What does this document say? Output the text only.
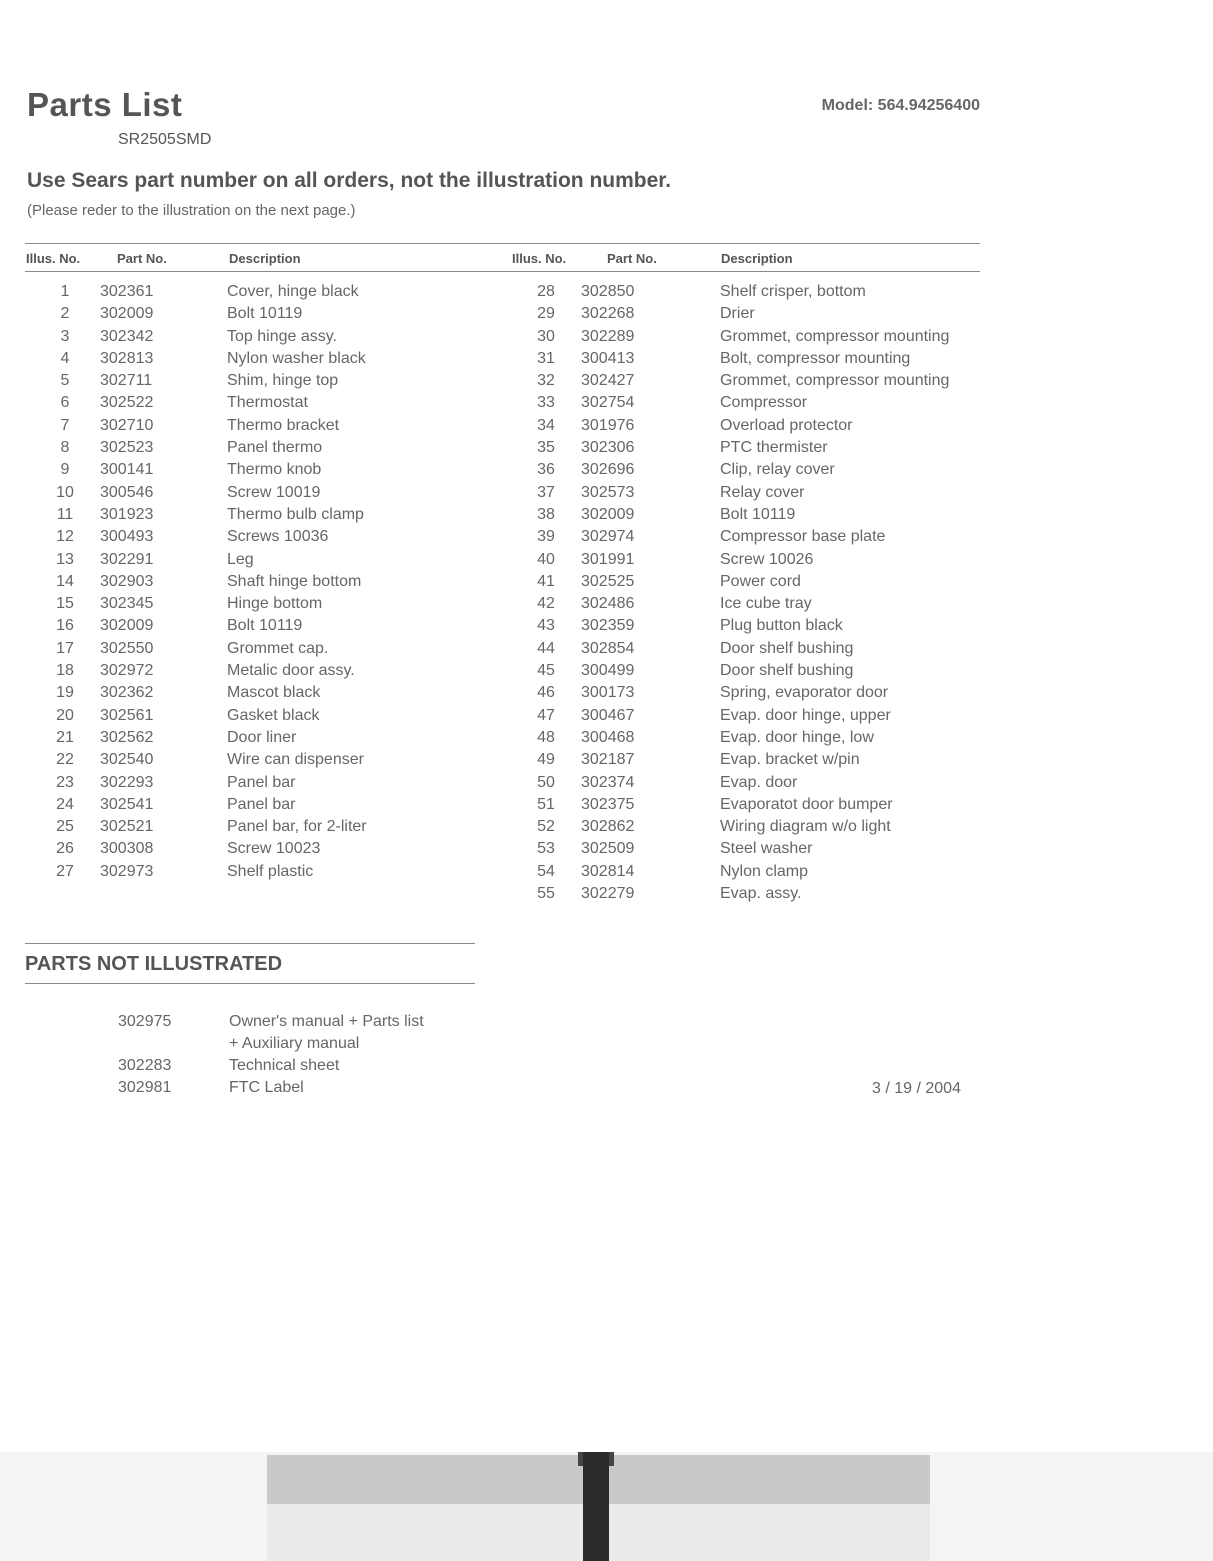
Parts List
SR2505SMD
Model: 564.94256400
Use Sears part number on all orders, not the illustration number.
(Please reder to the illustration on the next page.)
Illus. No.	Part No.	Description	Illus. No.	Part No.	Description
1	302361	Cover, hinge black
2	302009	Bolt 10119
3	302342	Top hinge assy.
4	302813	Nylon washer black
5	302711	Shim, hinge top
6	302522	Thermostat
7	302710	Thermo bracket
8	302523	Panel thermo
9	300141	Thermo knob
10	300546	Screw 10019
11	301923	Thermo bulb clamp
12	300493	Screws 10036
13	302291	Leg
14	302903	Shaft hinge bottom
15	302345	Hinge bottom
16	302009	Bolt 10119
17	302550	Grommet cap.
18	302972	Metalic door assy.
19	302362	Mascot black
20	302561	Gasket black
21	302562	Door liner
22	302540	Wire can dispenser
23	302293	Panel bar
24	302541	Panel bar
25	302521	Panel bar, for 2-liter
26	300308	Screw 10023
27	302973	Shelf plastic
28	302850	Shelf crisper, bottom
29	302268	Drier
30	302289	Grommet, compressor mounting
31	300413	Bolt, compressor mounting
32	302427	Grommet, compressor mounting
33	302754	Compressor
34	301976	Overload protector
35	302306	PTC thermister
36	302696	Clip, relay cover
37	302573	Relay cover
38	302009	Bolt 10119
39	302974	Compressor base plate
40	301991	Screw 10026
41	302525	Power cord
42	302486	Ice cube tray
43	302359	Plug button black
44	302854	Door shelf bushing
45	300499	Door shelf bushing
46	300173	Spring, evaporator door
47	300467	Evap. door hinge, upper
48	300468	Evap. door hinge, low
49	302187	Evap. bracket w/pin
50	302374	Evap. door
51	302375	Evaporatot door bumper
52	302862	Wiring diagram w/o light
53	302509	Steel washer
54	302814	Nylon clamp
55	302279	Evap. assy.
PARTS NOT ILLUSTRATED
302975	Owner's manual + Parts list
+ Auxiliary manual
302283	Technical sheet
302981	FTC Label	3 / 19 / 2004
